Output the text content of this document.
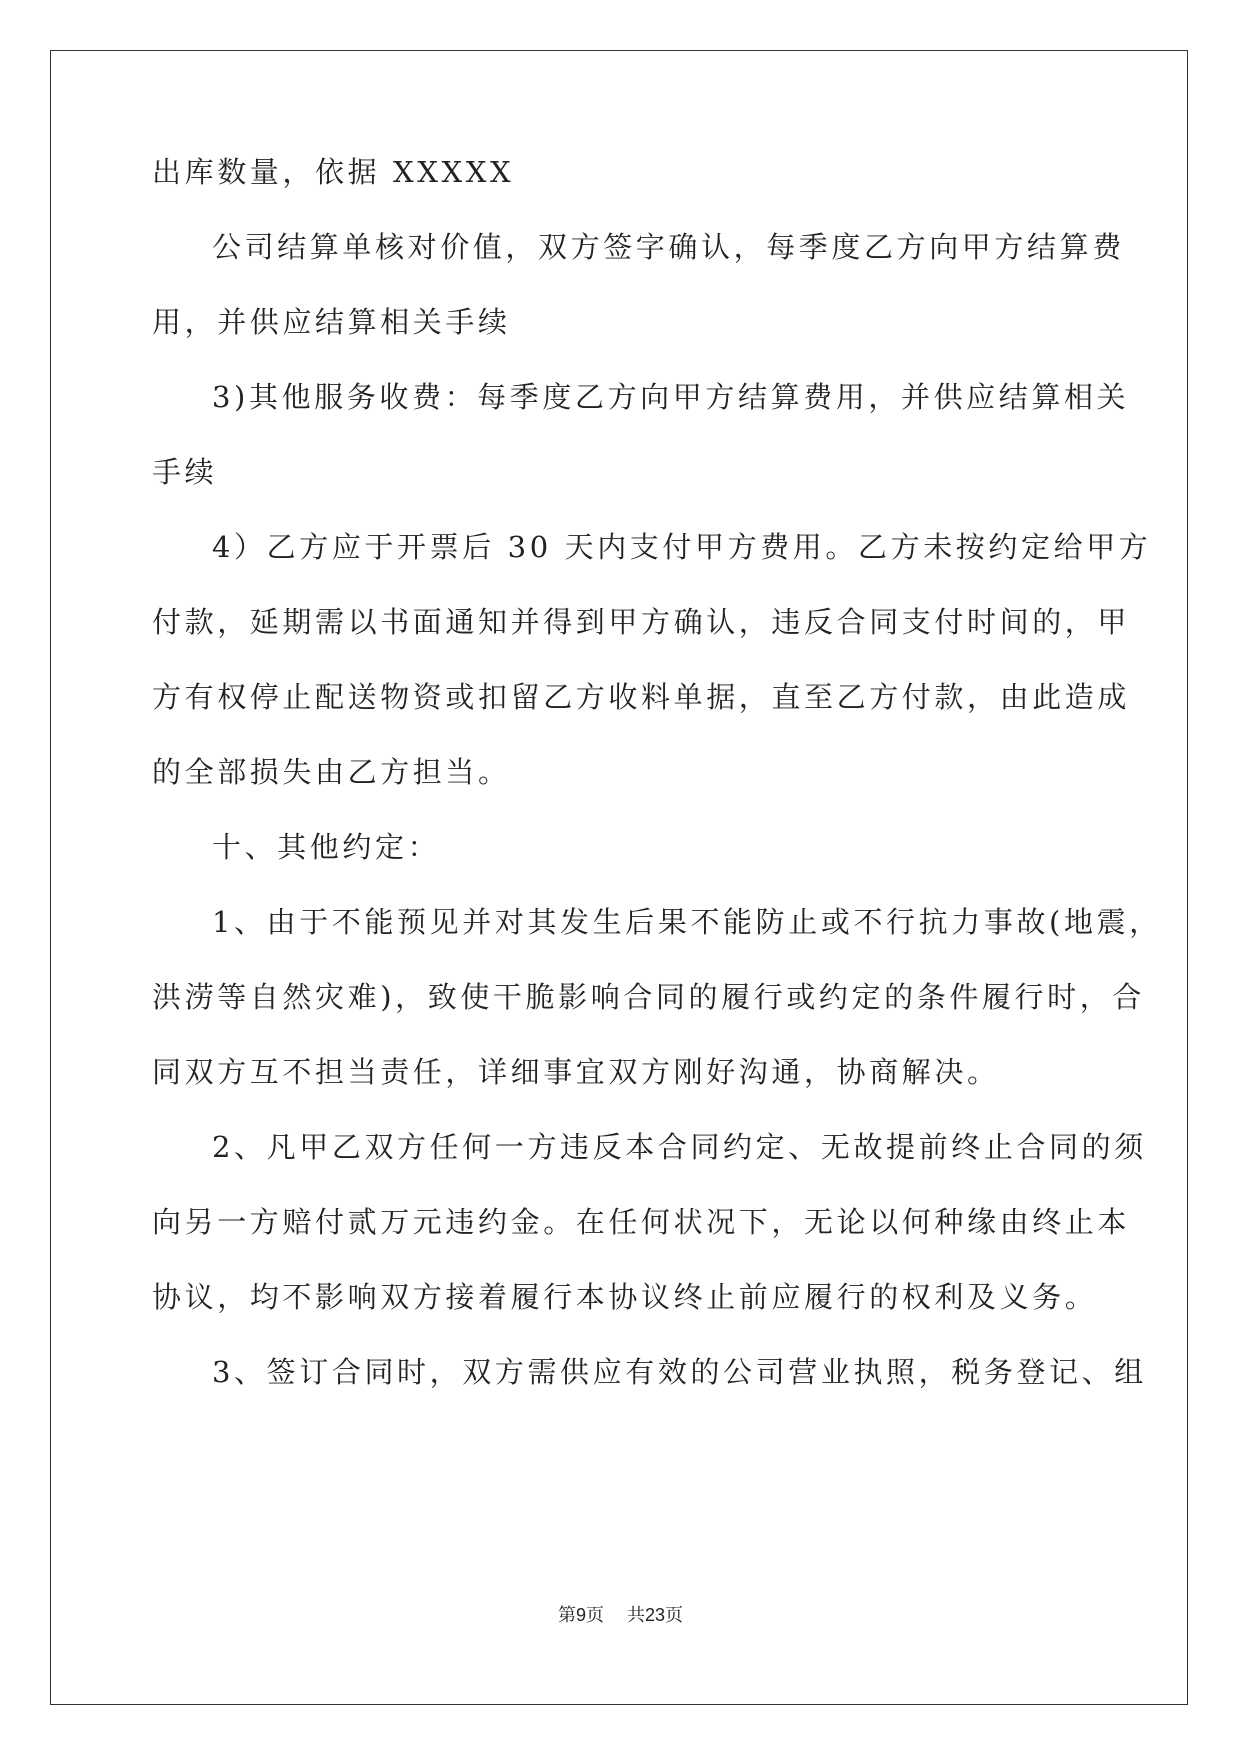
出库数量，依据 XXXXX
公司结算单核对价值，双方签字确认，每季度乙方向甲方结算费
用，并供应结算相关手续
3)其他服务收费：每季度乙方向甲方结算费用，并供应结算相关
手续
4）乙方应于开票后 30 天内支付甲方费用。乙方未按约定给甲方
付款，延期需以书面通知并得到甲方确认，违反合同支付时间的，甲
方有权停止配送物资或扣留乙方收料单据，直至乙方付款，由此造成
的全部损失由乙方担当。
十、其他约定：
1、由于不能预见并对其发生后果不能防止或不行抗力事故(地震，
洪涝等自然灾难)，致使干脆影响合同的履行或约定的条件履行时，合
同双方互不担当责任，详细事宜双方刚好沟通，协商解决。
2、凡甲乙双方任何一方违反本合同约定、无故提前终止合同的须
向另一方赔付贰万元违约金。在任何状况下，无论以何种缘由终止本
协议，均不影响双方接着履行本协议终止前应履行的权利及义务。
3、签订合同时，双方需供应有效的公司营业执照，税务登记、组
第9页 共23页
